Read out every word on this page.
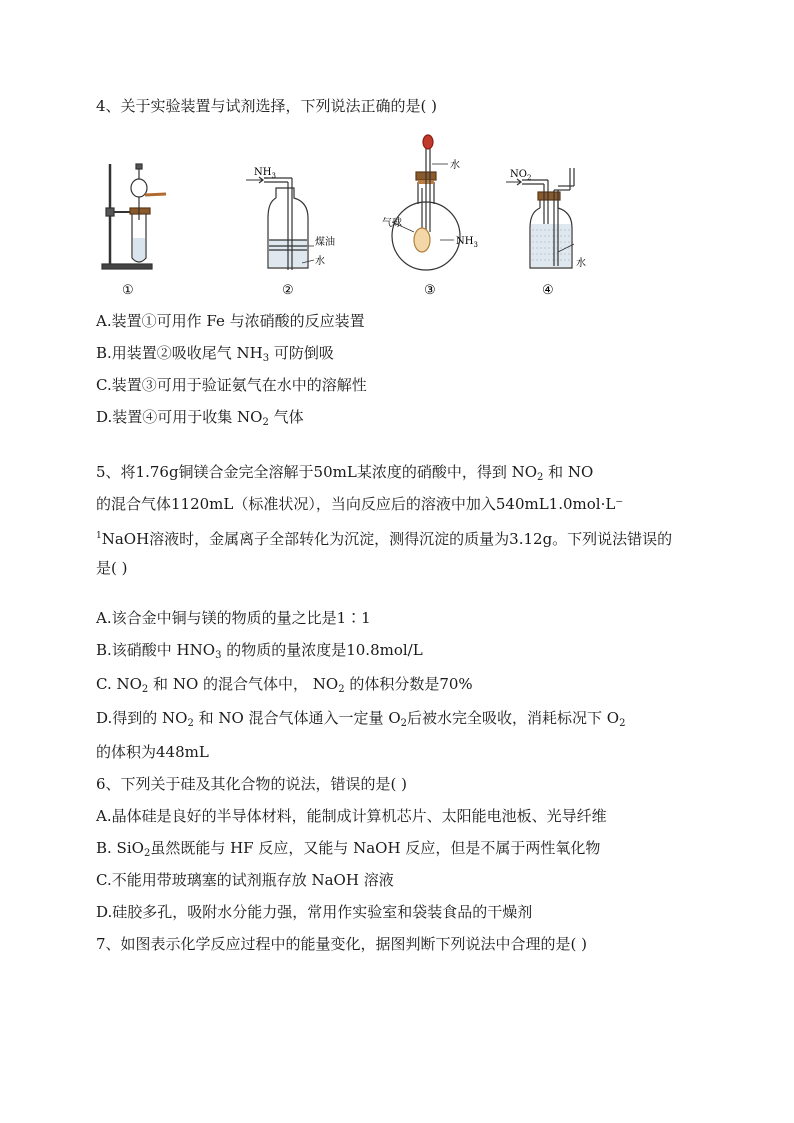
4、关于实验装置与试剂选择，下列说法正确的是( )
①
$NH_3$
煤油
水
②
水
气球
$NH_3$
③
$NO_2$
水
④
A.装置①可用作 Fe 与浓硝酸的反应装置
B.用装置②吸收尾气 $NH_3$ 可防倒吸
C.装置③可用于验证氨气在水中的溶解性
D.装置④可用于收集 $NO_2$ 气体
5、将1.76g铜镁合金完全溶解于50mL某浓度的硝酸中，得到 $NO_2$ 和 NO
的混合气体1120mL（标准状况），当向反应后的溶液中加入540mL1.0mol·L⁻
$^1$NaOH溶液时，金属离子全部转化为沉淀，测得沉淀的质量为3.12g。下列说法错误的
是( )
A.该合金中铜与镁的物质的量之比是1∶1
B.该硝酸中 $HNO_3$ 的物质的量浓度是10.8mol/L
C. $NO_2$ 和 NO 的混合气体中， $NO_2$ 的体积分数是70%
D.得到的 $NO_2$ 和 NO 混合气体通入一定量 $O_2$后被水完全吸收，消耗标况下 $O_2$
的体积为448mL
6、下列关于硅及其化合物的说法，错误的是( )
A.晶体硅是良好的半导体材料，能制成计算机芯片、太阳能电池板、光导纤维
B. SiO$_2$虽然既能与 HF 反应，又能与 NaOH 反应，但是不属于两性氧化物
C.不能用带玻璃塞的试剂瓶存放 NaOH 溶液
D.硅胶多孔，吸附水分能力强，常用作实验室和袋装食品的干燥剂
7、如图表示化学反应过程中的能量变化，据图判断下列说法中合理的是( )
